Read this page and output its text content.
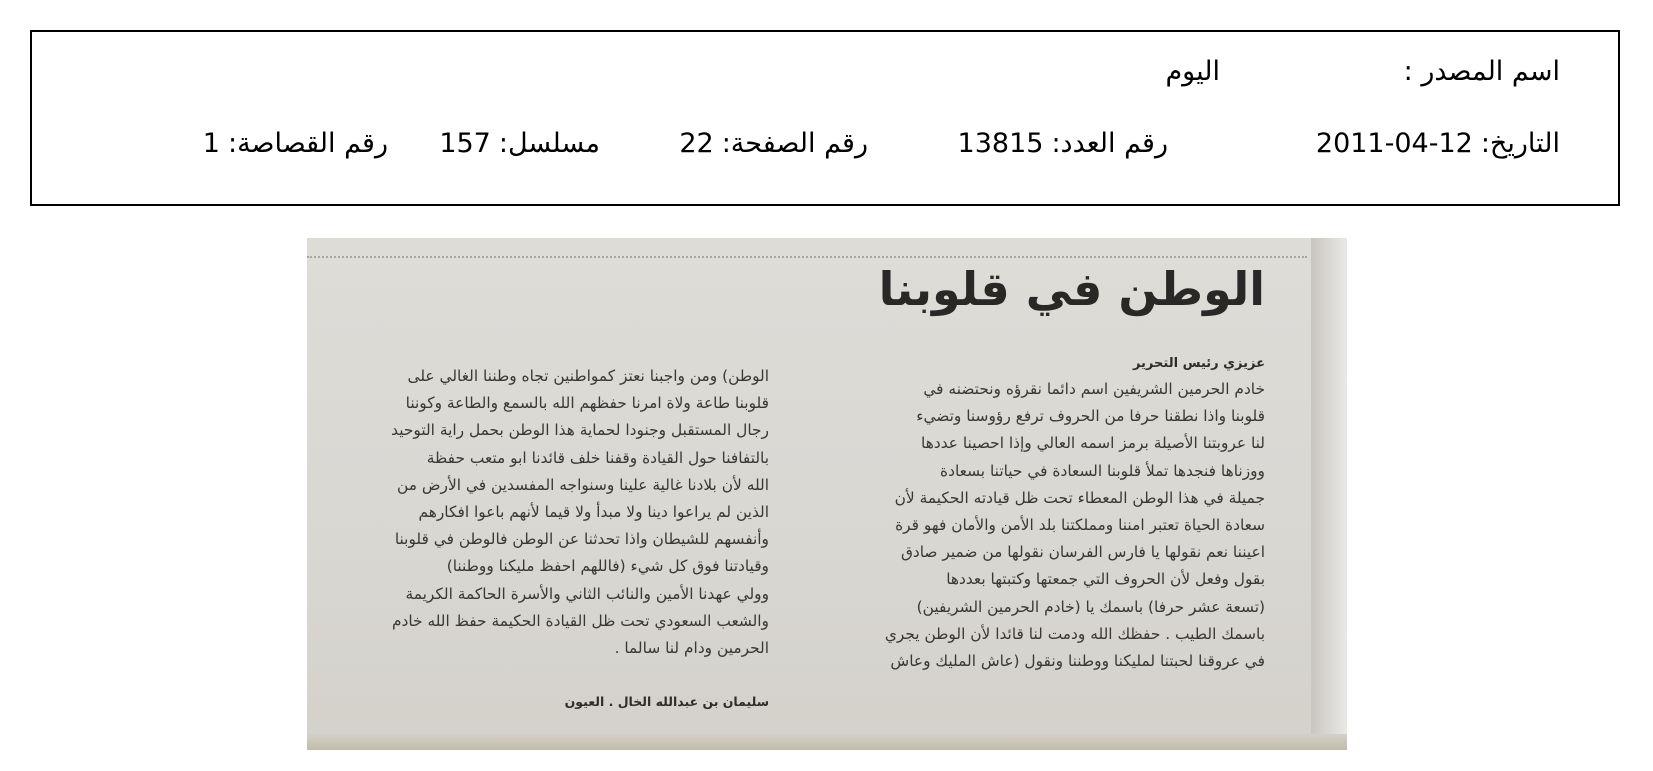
اسم المصدر :
اليوم
التاريخ:
2011-04-12
رقم العدد:
13815
رقم الصفحة:
22
مسلسل:
157
رقم القصاصة:
1
الوطن في قلوبنا
عزيزي رئيس التحرير
خادم الحرمين الشريفين اسم دائما نقرؤه ونحتضنه في
قلوبنا واذا نطقنا حرفا من الحروف ترفع رؤوسنا وتضيء
لنا عروبتنا الأصيلة برمز اسمه العالي وإذا احصينا عددها
ووزناها فنجدها تملأ قلوبنا السعادة في حياتنا بسعادة
جميلة في هذا الوطن المعطاء تحت ظل قيادته الحكيمة لأن
سعادة الحياة تعتبر امننا ومملكتنا بلد الأمن والأمان فهو قرة
اعيننا نعم نقولها يا فارس الفرسان نقولها من ضمير صادق
بقول وفعل لأن الحروف التي جمعتها وكتبتها بعددها
(تسعة عشر حرفا) باسمك يا (خادم الحرمين الشريفين)
باسمك الطيب . حفظك الله ودمت لنا قائدا لأن الوطن يجري
في عروقنا لحبتنا لمليكنا ووطننا ونقول (عاش المليك وعاش
الوطن) ومن واجبنا نعتز كمواطنين تجاه وطننا الغالي على
قلوبنا طاعة ولاة امرنا حفظهم الله بالسمع والطاعة وكوننا
رجال المستقبل وجنودا لحماية هذا الوطن بحمل راية التوحيد
بالتفافنا حول القيادة وقفنا خلف قائدنا ابو متعب حفظة
الله لأن بلادنا غالية علينا وسنواجه المفسدين في الأرض من
الذين لم يراعوا دينا ولا مبدأ ولا قيما لأنهم باعوا افكارهم
وأنفسهم للشيطان واذا تحدثنا عن الوطن فالوطن في قلوبنا
وقيادتنا فوق كل شيء (فاللهم احفظ مليكنا ووطننا)
وولي عهدنا الأمين والنائب الثاني والأسرة الحاكمة الكريمة
والشعب السعودي تحت ظل القيادة الحكيمة حفظ الله خادم
الحرمين ودام لنا سالما .
سليمان بن عبدالله الخال . العيون
